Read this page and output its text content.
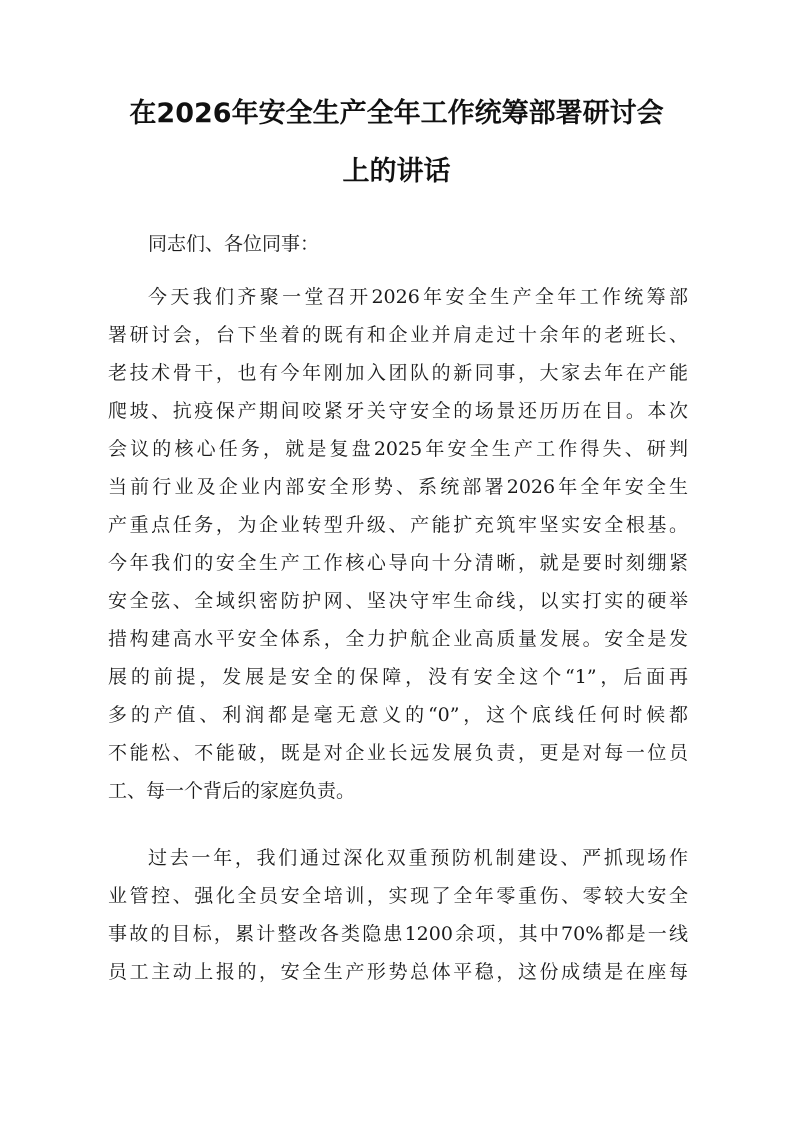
在2026年安全生产全年工作统筹部署研讨会
上的讲话

同志们、各位同事：

今天我们齐聚一堂召开2026年安全生产全年工作统筹部

署研讨会，台下坐着的既有和企业并肩走过十余年的老班长、

老技术骨干，也有今年刚加入团队的新同事，大家去年在产能

爬坡、抗疫保产期间咬紧牙关守安全的场景还历历在目。本次

会议的核心任务，就是复盘2025年安全生产工作得失、研判

当前行业及企业内部安全形势、系统部署2026年全年安全生

产重点任务，为企业转型升级、产能扩充筑牢坚实安全根基。

今年我们的安全生产工作核心导向十分清晰，就是要时刻绷紧

安全弦、全域织密防护网、坚决守牢生命线，以实打实的硬举

措构建高水平安全体系，全力护航企业高质量发展。安全是发

展的前提，发展是安全的保障，没有安全这个“1”，后面再

多的产值、利润都是毫无意义的“0”，这个底线任何时候都

不能松、不能破，既是对企业长远发展负责，更是对每一位员

工、每一个背后的家庭负责。

过去一年，我们通过深化双重预防机制建设、严抓现场作

业管控、强化全员安全培训，实现了全年零重伤、零较大安全

事故的目标，累计整改各类隐患1200余项，其中70%都是一线

员工主动上报的，安全生产形势总体平稳，这份成绩是在座每
